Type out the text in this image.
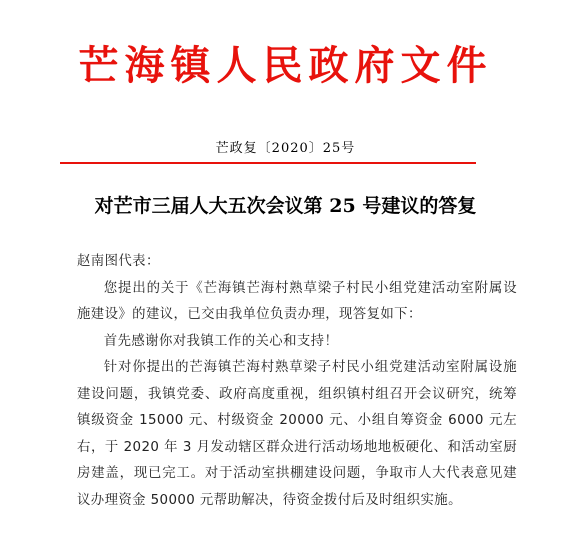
芒海镇人民政府文件
芒政复〔2020〕25号
对芒市三届人大五次会议第 25 号建议的答复

赵南图代表：

您提出的关于《芒海镇芒海村熟草梁子村民小组党建活动室附属设施建设》的建议，已交由我单位负责办理，现答复如下：

首先感谢你对我镇工作的关心和支持！

针对你提出的芒海镇芒海村熟草梁子村民小组党建活动室附属设施建设问题，我镇党委、政府高度重视，组织镇村组召开会议研究，统筹镇级资金 15000 元、村级资金 20000 元、小组自筹资金 6000 元左右，于 2020 年 3 月发动辖区群众进行活动场地地板硬化、和活动室厨房建盖，现已完工。对于活动室拱棚建设问题，争取市人大代表意见建议办理资金 50000 元帮助解决，待资金拨付后及时组织实施。
